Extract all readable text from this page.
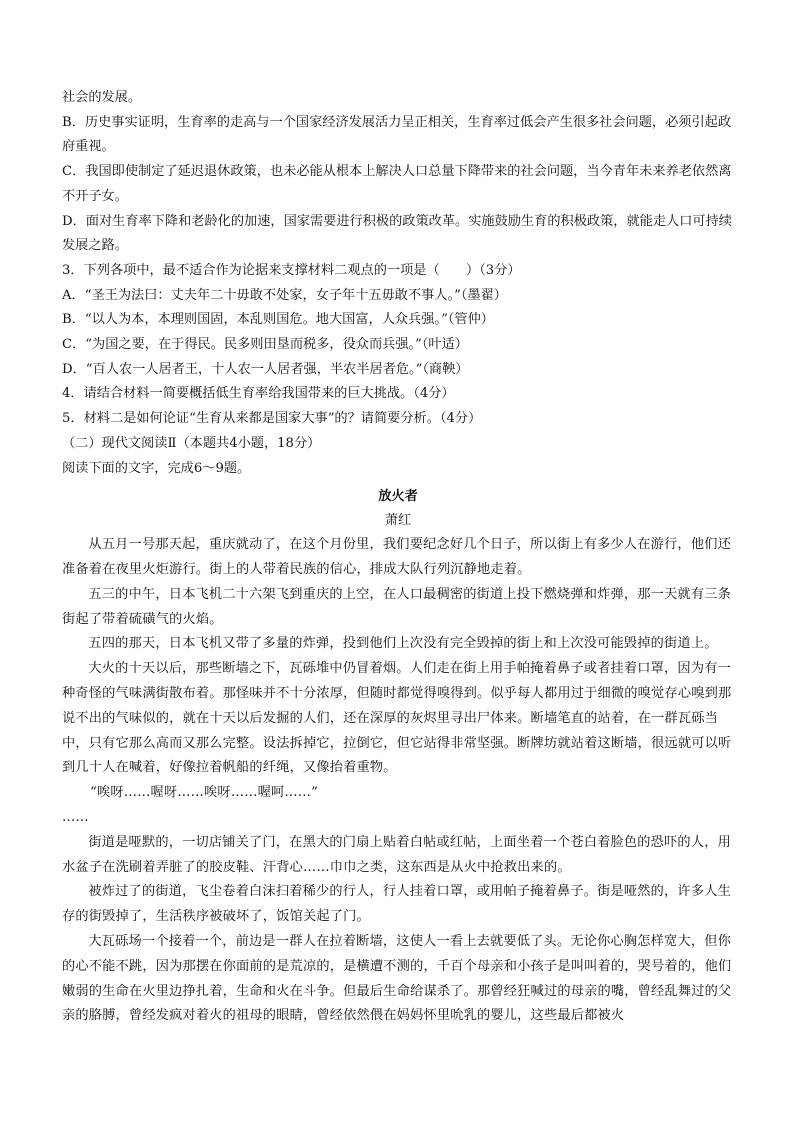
社会的发展。

B．历史事实证明，生育率的走高与一个国家经济发展活力呈正相关，生育率过低会产生很多社会问题，必须引起政府重视。

C．我国即使制定了延迟退休政策，也未必能从根本上解决人口总量下降带来的社会问题，当今青年未来养老依然离不开子女。

D．面对生育率下降和老龄化的加速，国家需要进行积极的政策改革。实施鼓励生育的积极政策，就能走人口可持续发展之路。

3．下列各项中，最不适合作为论据来支撑材料二观点的一项是（　　）（3分）

A．“圣王为法曰：丈夫年二十毋敢不处家，女子年十五毋敢不事人。”（墨翟）

B．“以人为本，本理则国固，本乱则国危。地大国富，人众兵强。”（管仲）

C．“为国之要，在于得民。民多则田垦而税多，役众而兵强。”（叶适）

D．“百人农一人居者王，十人农一人居者强，半农半居者危。”（商鞅）

4．请结合材料一简要概括低生育率给我国带来的巨大挑战。（4分）

5．材料二是如何论证“生育从来都是国家大事”的？请简要分析。（4分）

（二）现代文阅读Ⅱ（本题共4小题，18分）

阅读下面的文字，完成6～9题。

放火者

萧红

从五月一号那天起，重庆就动了，在这个月份里，我们要纪念好几个日子，所以街上有多少人在游行，他们还准备着在夜里火炬游行。街上的人带着民族的信心，排成大队行列沉静地走着。

五三的中午，日本飞机二十六架飞到重庆的上空，在人口最稠密的街道上投下燃烧弹和炸弹，那一天就有三条街起了带着硫磺气的火焰。

五四的那天，日本飞机又带了多量的炸弹，投到他们上次没有完全毁掉的街上和上次没可能毁掉的街道上。

大火的十天以后，那些断墙之下，瓦砾堆中仍冒着烟。人们走在街上用手帕掩着鼻子或者挂着口罩，因为有一种奇怪的气味满街散布着。那怪味并不十分浓厚，但随时都觉得嗅得到。似乎每人都用过于细微的嗅觉存心嗅到那说不出的气味似的，就在十天以后发掘的人们，还在深厚的灰烬里寻出尸体来。断墙笔直的站着，在一群瓦砾当中，只有它那么高而又那么完整。设法拆掉它，拉倒它，但它站得非常坚强。断牌坊就站着这断墙，很远就可以听到几十人在喊着，好像拉着帆船的纤绳，又像抬着重物。

“唉呀……喔呀……唉呀……喔呵……”

……

街道是哑默的，一切店铺关了门，在黑大的门扇上贴着白帖或红帖，上面坐着一个苍白着脸色的恐吓的人，用水盆子在洗刷着弄脏了的胶皮鞋、汗背心……巾巾之类，这东西是从火中抢救出来的。

被炸过了的街道，飞尘卷着白沫扫着稀少的行人，行人挂着口罩，或用帕子掩着鼻子。街是哑然的，许多人生存的街毁掉了，生活秩序被破坏了，饭馆关起了门。

大瓦砾场一个接着一个，前边是一群人在拉着断墙，这使人一看上去就要低了头。无论你心胸怎样宽大，但你的心不能不跳，因为那摆在你面前的是荒凉的，是横遭不测的，千百个母亲和小孩子是叫叫着的，哭号着的，他们嫩弱的生命在火里边挣扎着，生命和火在斗争。但最后生命给谋杀了。那曾经狂喊过的母亲的嘴，曾经乱舞过的父亲的胳膊，曾经发疯对着火的祖母的眼睛，曾经依然偎在妈妈怀里吮乳的婴儿，这些最后都被火
